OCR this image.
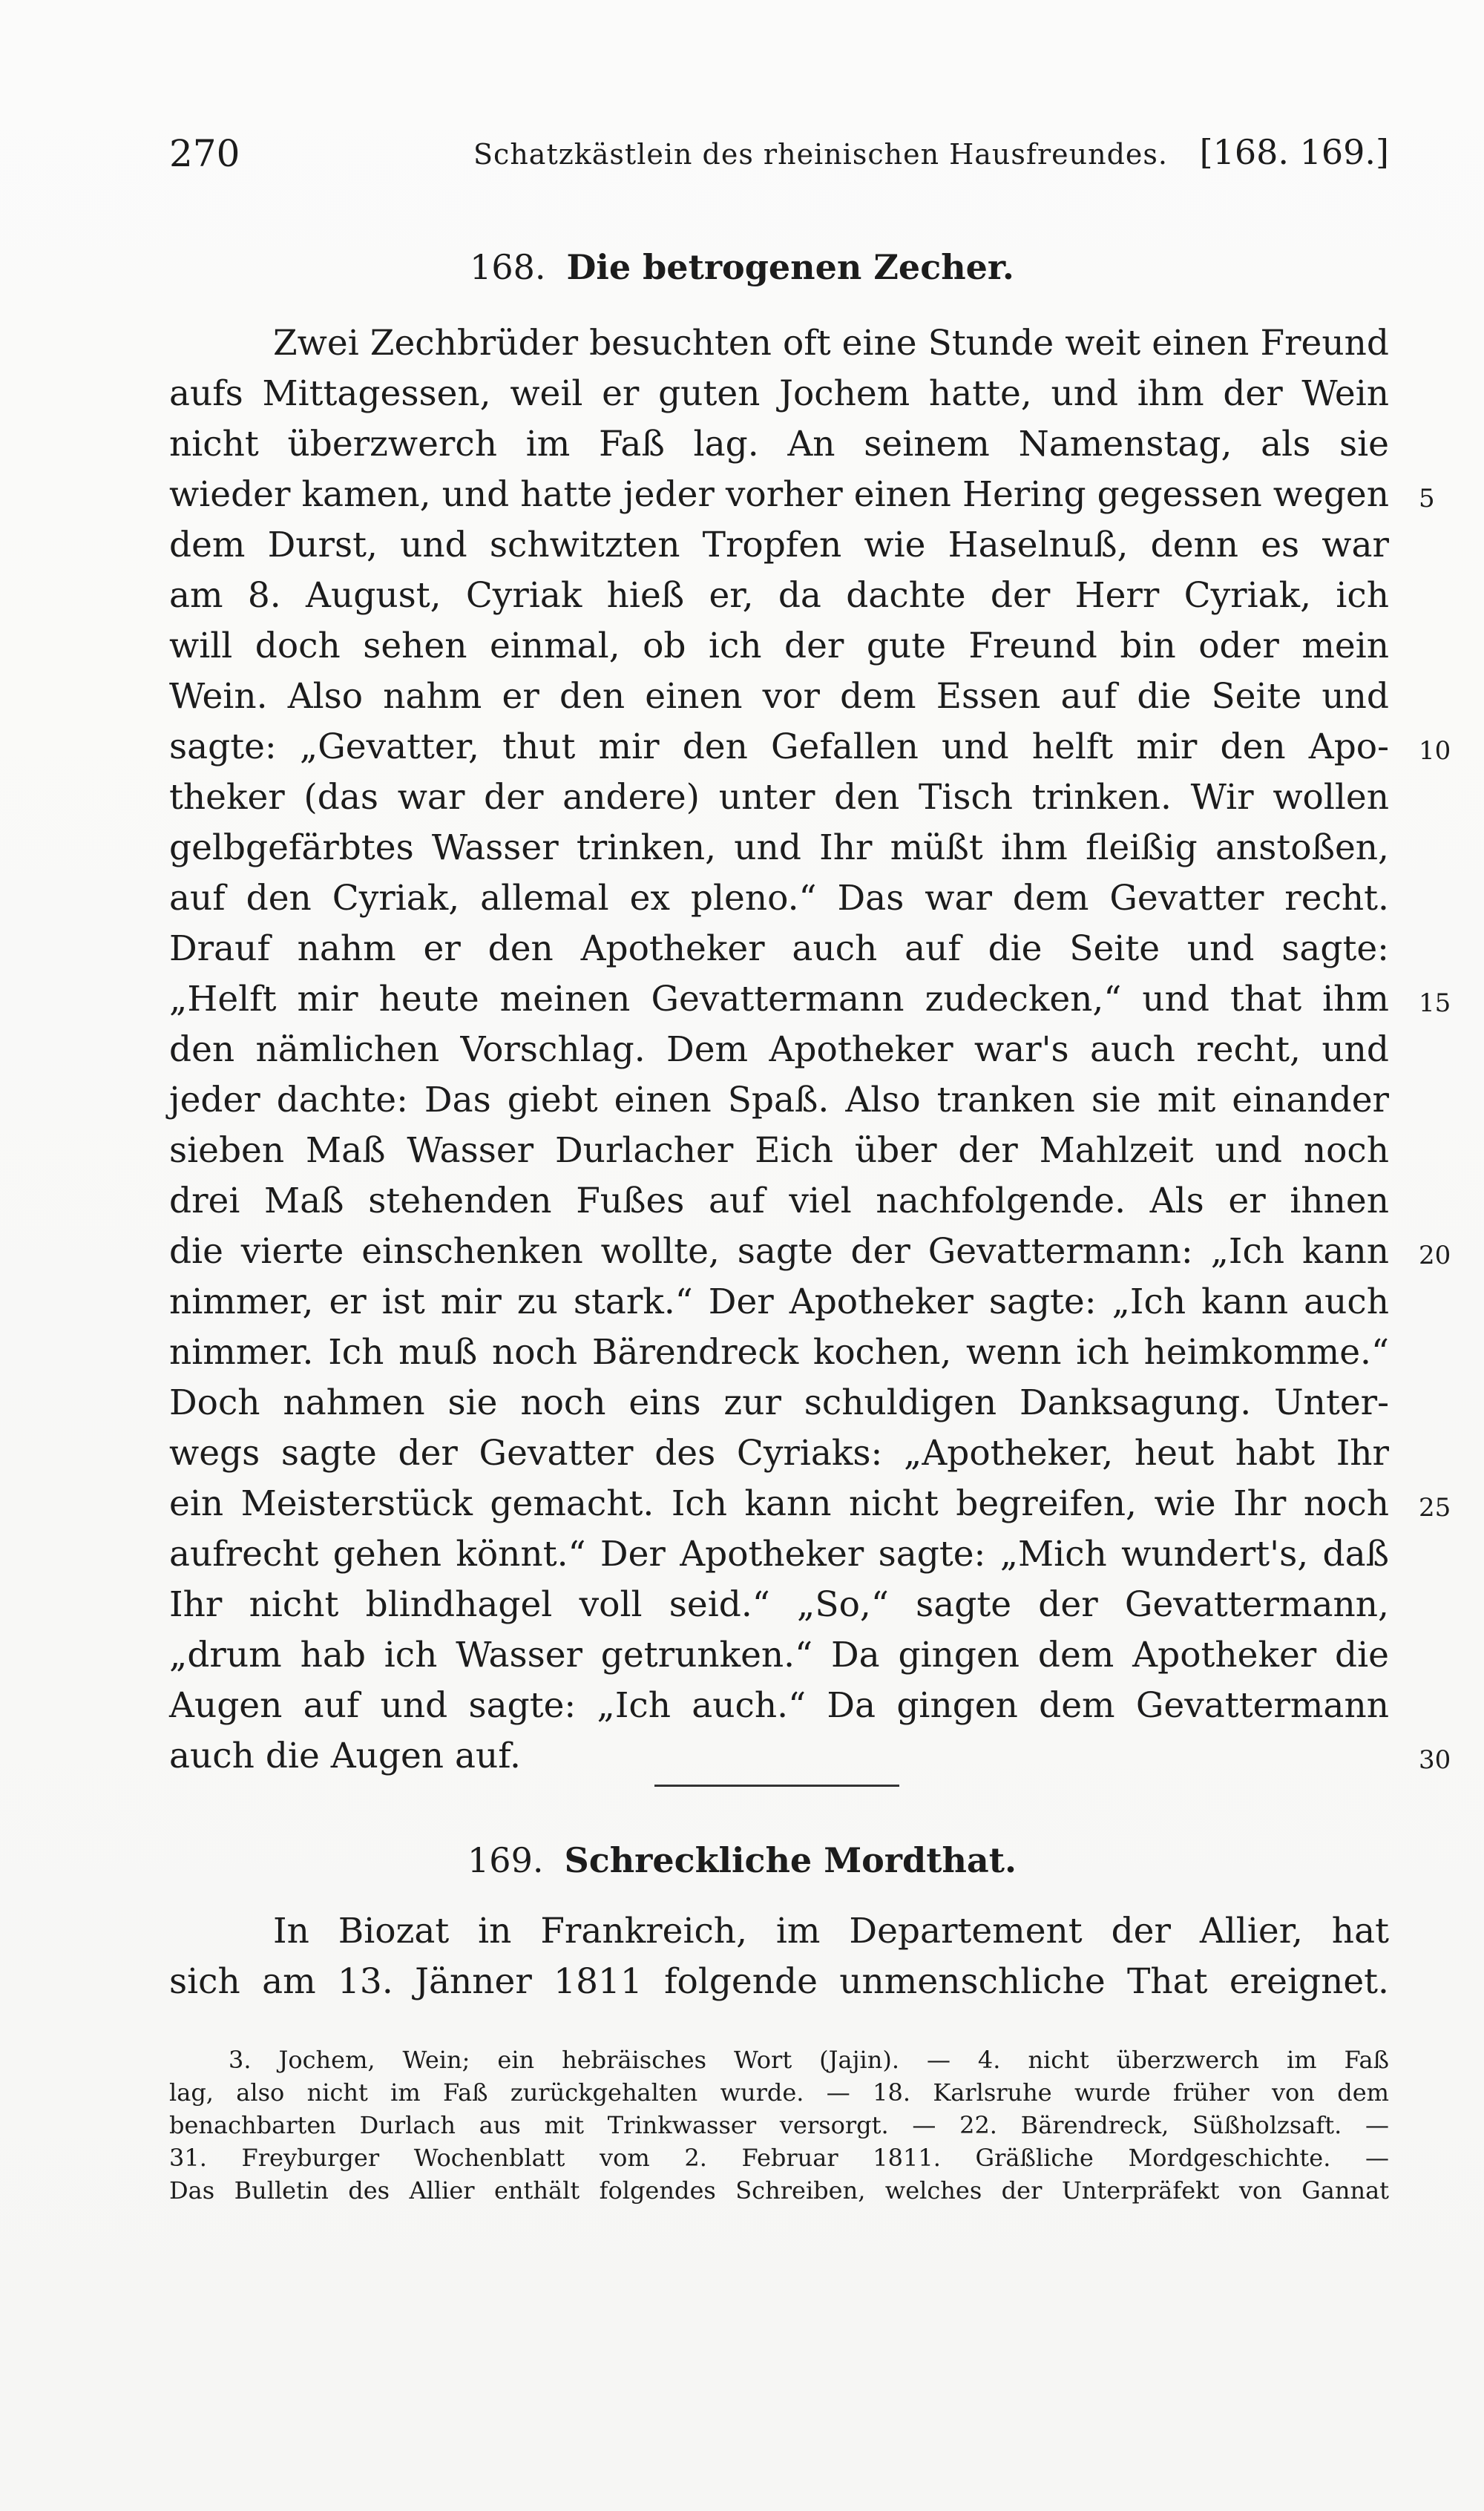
270	Schatzkästlein des rheinischen Hausfreundes. [168. 169.]
168. Die betrogenen Zecher.
Zwei Zechbrüder besuchten oft eine Stunde weit einen Freund
aufs Mittagessen, weil er guten Jochem hatte, und ihm der Wein
nicht überzwerch im Faß lag. An seinem Namenstag, als sie
wieder kamen, und hatte jeder vorher einen Hering gegessen wegen
dem Durst, und schwitzten Tropfen wie Haselnuß, denn es war
am 8. August, Cyriak hieß er, da dachte der Herr Cyriak, ich
will doch sehen einmal, ob ich der gute Freund bin oder mein
Wein. Also nahm er den einen vor dem Essen auf die Seite und
sagte: „Gevatter, thut mir den Gefallen und helft mir den Apo-
theker (das war der andere) unter den Tisch trinken. Wir wollen
gelbgefärbtes Wasser trinken, und Ihr müßt ihm fleißig anstoßen,
auf den Cyriak, allemal ex pleno.“ Das war dem Gevatter recht.
Drauf nahm er den Apotheker auch auf die Seite und sagte:
„Helft mir heute meinen Gevattermann zudecken,“ und that ihm
den nämlichen Vorschlag. Dem Apotheker war's auch recht, und
jeder dachte: Das giebt einen Spaß. Also tranken sie mit einander
sieben Maß Wasser Durlacher Eich über der Mahlzeit und noch
drei Maß stehenden Fußes auf viel nachfolgende. Als er ihnen
die vierte einschenken wollte, sagte der Gevattermann: „Ich kann
nimmer, er ist mir zu stark.“ Der Apotheker sagte: „Ich kann auch
nimmer. Ich muß noch Bärendreck kochen, wenn ich heimkomme.“
Doch nahmen sie noch eins zur schuldigen Danksagung. Unter-
wegs sagte der Gevatter des Cyriaks: „Apotheker, heut habt Ihr
ein Meisterstück gemacht. Ich kann nicht begreifen, wie Ihr noch
aufrecht gehen könnt.“ Der Apotheker sagte: „Mich wundert's, daß
Ihr nicht blindhagel voll seid.“ „So,“ sagte der Gevattermann,
„drum hab ich Wasser getrunken.“ Da gingen dem Apotheker die
Augen auf und sagte: „Ich auch.“ Da gingen dem Gevattermann
auch die Augen auf.
5
10
15
20
25
30
169. Schreckliche Mordthat.
In Biozat in Frankreich, im Departement der Allier, hat
sich am 13. Jänner 1811 folgende unmenschliche That ereignet.
3. Jochem, Wein; ein hebräisches Wort (Jajin). — 4. nicht überzwerch im Faß
lag, also nicht im Faß zurückgehalten wurde. — 18. Karlsruhe wurde früher von dem
benachbarten Durlach aus mit Trinkwasser versorgt. — 22. Bärendreck, Süßholzsaft. —
31. Freyburger Wochenblatt vom 2. Februar 1811. Gräßliche Mordgeschichte. —
Das Bulletin des Allier enthält folgendes Schreiben, welches der Unterpräfekt von Gannat
